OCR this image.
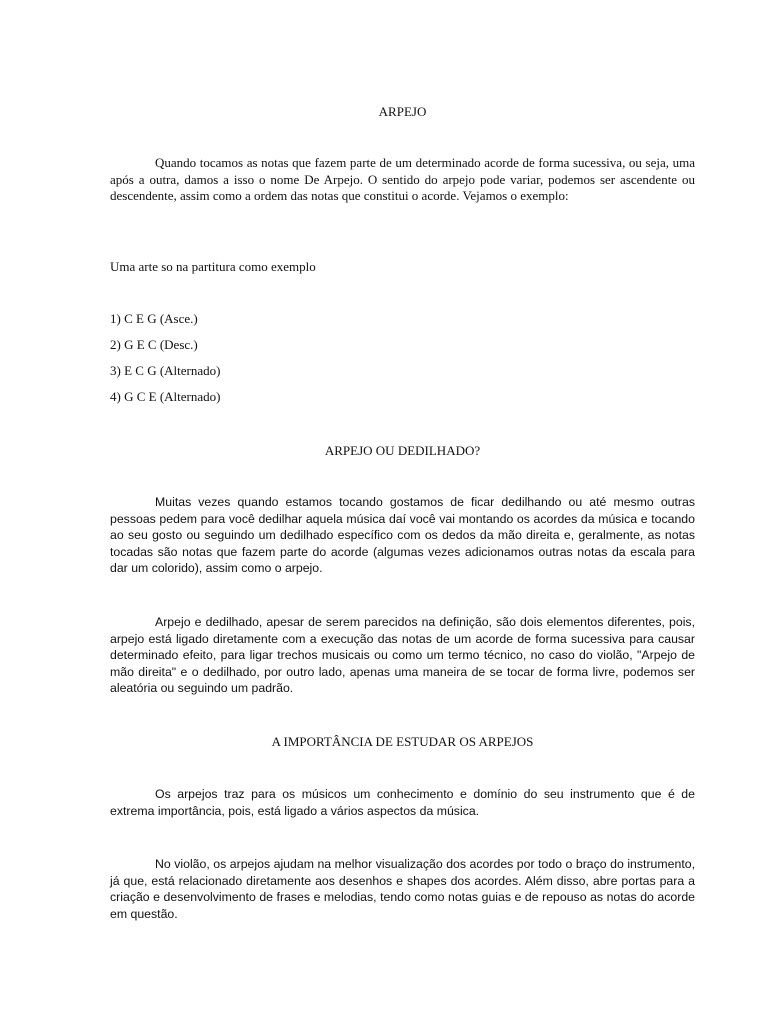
ARPEJO

Quando tocamos as notas que fazem parte de um determinado acorde de forma sucessiva, ou seja, uma após a outra, damos a isso o nome De Arpejo. O sentido do arpejo pode variar, podemos ser ascendente ou descendente, assim como a ordem das notas que constitui o acorde. Vejamos o exemplo:

Uma arte so na partitura como exemplo

1) C E G (Asce.)
2) G E C (Desc.)
3) E C G (Alternado)
4) G C E (Alternado)
ARPEJO OU DEDILHADO?

Muitas vezes quando estamos tocando gostamos de ficar dedilhando ou até mesmo outras pessoas pedem para você dedilhar aquela música daí você vai montando os acordes da música e tocando ao seu gosto ou seguindo um dedilhado específico com os dedos da mão direita e, geralmente, as notas tocadas são notas que fazem parte do acorde (algumas vezes adicionamos outras notas da escala para dar um colorido), assim como o arpejo.

Arpejo e dedilhado, apesar de serem parecidos na definição, são dois elementos diferentes, pois, arpejo está ligado diretamente com a execução das notas de um acorde de forma sucessiva para causar determinado efeito, para ligar trechos musicais ou como um termo técnico, no caso do violão, "Arpejo de mão direita" e o dedilhado, por outro lado, apenas uma maneira de se tocar de forma livre, podemos ser aleatória ou seguindo um padrão.

A IMPORTÂNCIA DE ESTUDAR OS ARPEJOS

Os arpejos traz para os músicos um conhecimento e domínio do seu instrumento que é de extrema importância, pois, está ligado a vários aspectos da música.

No violão, os arpejos ajudam na melhor visualização dos acordes por todo o braço do instrumento, já que, está relacionado diretamente aos desenhos e shapes dos acordes. Além disso, abre portas para a criação e desenvolvimento de frases e melodias, tendo como notas guias e de repouso as notas do acorde em questão.
